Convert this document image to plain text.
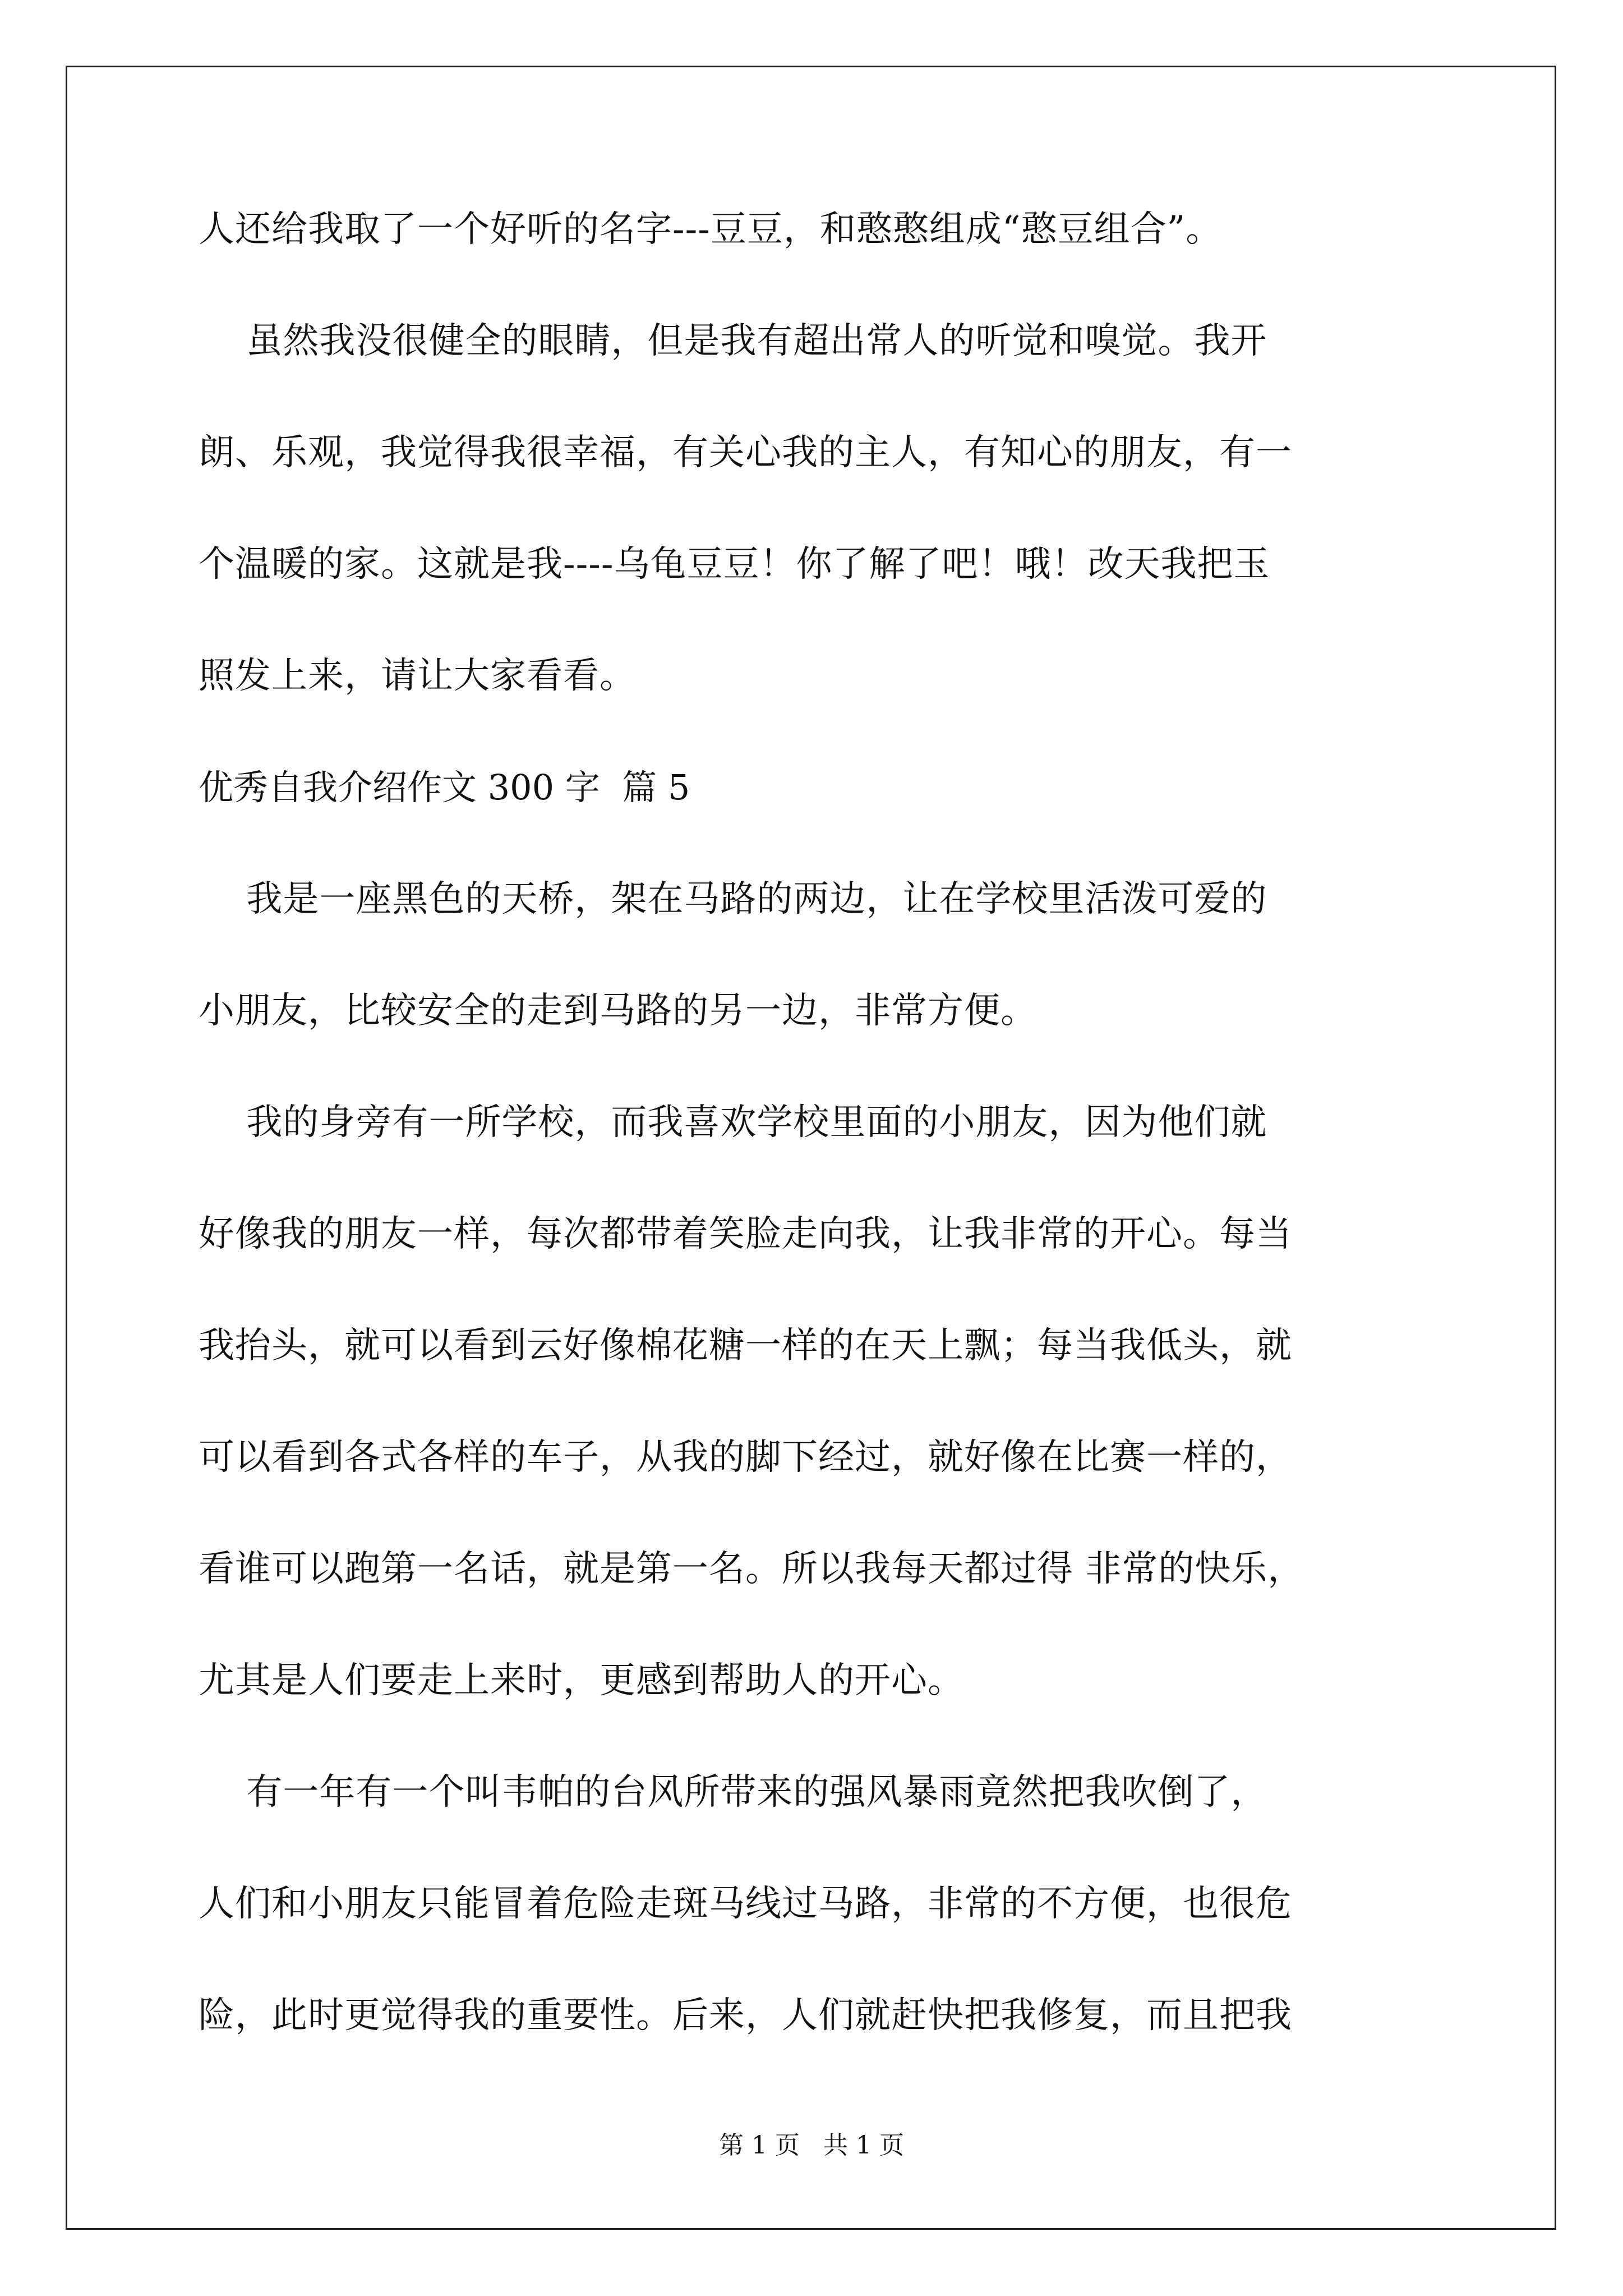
人还给我取了一个好听的名字---豆豆，和憨憨组成“憨豆组合”。
虽然我没很健全的眼睛，但是我有超出常人的听觉和嗅觉。我开
朗、乐观，我觉得我很幸福，有关心我的主人，有知心的朋友，有一
个温暖的家。这就是我----乌龟豆豆！你了解了吧！哦！改天我把玉
照发上来，请让大家看看。
优秀自我介绍作文 300 字  篇 5
我是一座黑色的天桥，架在马路的两边，让在学校里活泼可爱的
小朋友，比较安全的走到马路的另一边，非常方便。
我的身旁有一所学校，而我喜欢学校里面的小朋友，因为他们就
好像我的朋友一样，每次都带着笑脸走向我，让我非常的开心。每当
我抬头，就可以看到云好像棉花糖一样的在天上飘；每当我低头，就
可以看到各式各样的车子，从我的脚下经过，就好像在比赛一样的，
看谁可以跑第一名话，就是第一名。所以我每天都过得 非常的快乐，
尤其是人们要走上来时，更感到帮助人的开心。
有一年有一个叫韦帕的台风所带来的强风暴雨竟然把我吹倒了，
人们和小朋友只能冒着危险走斑马线过马路，非常的不方便，也很危
险，此时更觉得我的重要性。后来，人们就赶快把我修复，而且把我
第 1 页   共 1 页
